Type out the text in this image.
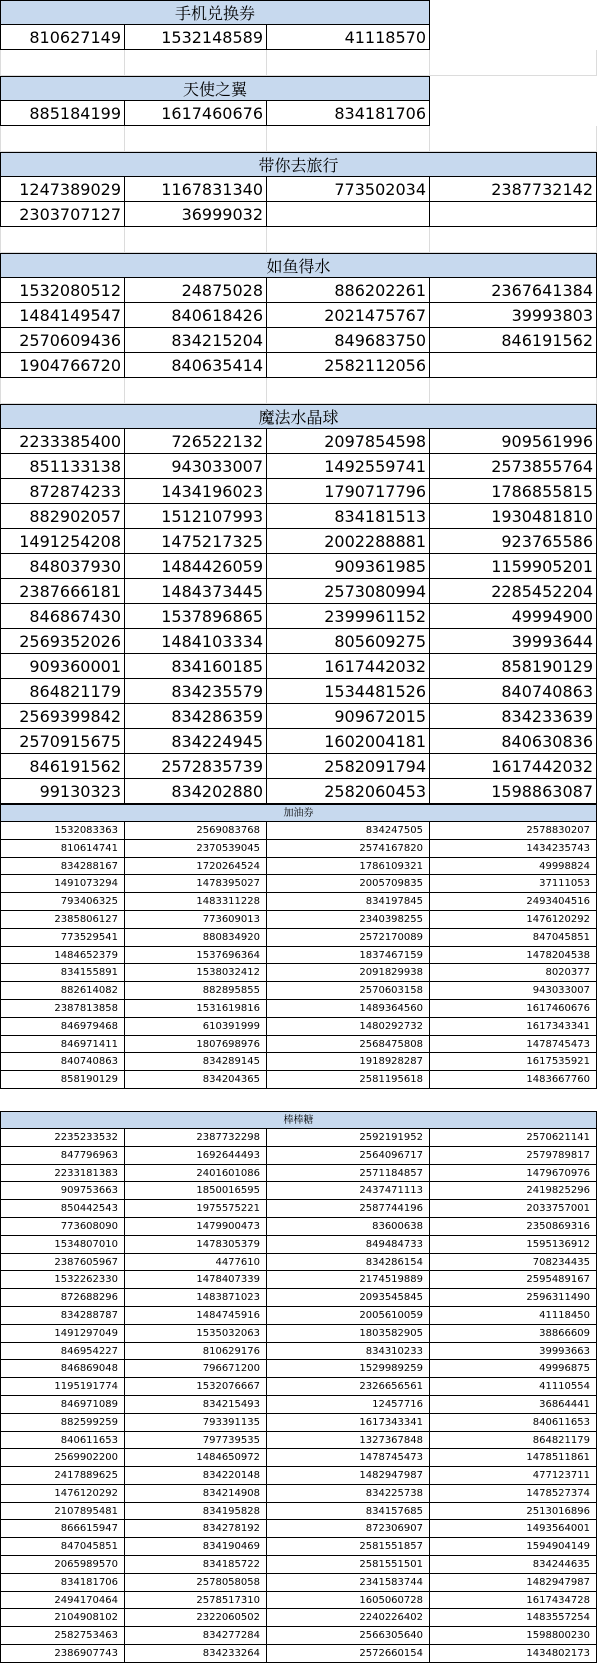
手机兑换券
810627149	1532148589	41118570
天使之翼
885184199	1617460676	834181706
带你去旅行
1247389029	1167831340	773502034	2387732142
2303707127	36999032
如鱼得水
1532080512	24875028	886202261	2367641384
1484149547	840618426	2021475767	39993803
2570609436	834215204	849683750	846191562
1904766720	840635414	2582112056
魔法水晶球
2233385400	726522132	2097854598	909561996
851133138	943033007	1492559741	2573855764
872874233	1434196023	1790717796	1786855815
882902057	1512107993	834181513	1930481810
1491254208	1475217325	2002288881	923765586
848037930	1484426059	909361985	1159905201
2387666181	1484373445	2573080994	2285452204
846867430	1537896865	2399961152	49994900
2569352026	1484103334	805609275	39993644
909360001	834160185	1617442032	858190129
864821179	834235579	1534481526	840740863
2569399842	834286359	909672015	834233639
2570915675	834224945	1602004181	840630836
846191562	2572835739	2582091794	1617442032
99130323	834202880	2582060453	1598863087
加油券
1532083363	2569083768	834247505	2578830207
810614741	2370539045	2574167820	1434235743
834288167	1720264524	1786109321	49998824
1491073294	1478395027	2005709835	37111053
793406325	1483311228	834197845	2493404516
2385806127	773609013	2340398255	1476120292
773529541	880834920	2572170089	847045851
1484652379	1537696364	1837467159	1478204538
834155891	1538032412	2091829938	8020377
882614082	882895855	2570603158	943033007
2387813858	1531619816	1489364560	1617460676
846979468	610391999	1480292732	1617343341
846971411	1807698976	2568475808	1478745473
840740863	834289145	1918928287	1617535921
858190129	834204365	2581195618	1483667760
棒棒糖
2235233532	2387732298	2592191952	2570621141
847796963	1692644493	2564096717	2579789817
2233181383	2401601086	2571184857	1479670976
909753663	1850016595	2437471113	2419825296
850442543	1975575221	2587744196	2033757001
773608090	1479900473	83600638	2350869316
1534807010	1478305379	849484733	1595136912
2387605967	4477610	834286154	708234435
1532262330	1478407339	2174519889	2595489167
872688296	1483871023	2093545845	2596311490
834288787	1484745916	2005610059	41118450
1491297049	1535032063	1803582905	38866609
846954227	810629176	834310233	39993663
846869048	796671200	1529989259	49996875
1195191774	1532076667	2326656561	41110554
846971089	834215493	12457716	36864441
882599259	793391135	1617343341	840611653
840611653	797739535	1327367848	864821179
2569902200	1484650972	1478745473	1478511861
2417889625	834220148	1482947987	477123711
1476120292	834214908	834225738	1478527374
2107895481	834195828	834157685	2513016896
866615947	834278192	872306907	1493564001
847045851	834190469	2581551857	1594904149
2065989570	834185722	2581551501	834244635
834181706	2578058058	2341583744	1482947987
2494170464	2578517310	1605060728	1617434728
2104908102	2322060502	2240226402	1483557254
2582753463	834277284	2566305640	1598800230
2386907743	834233264	2572660154	1434802173
